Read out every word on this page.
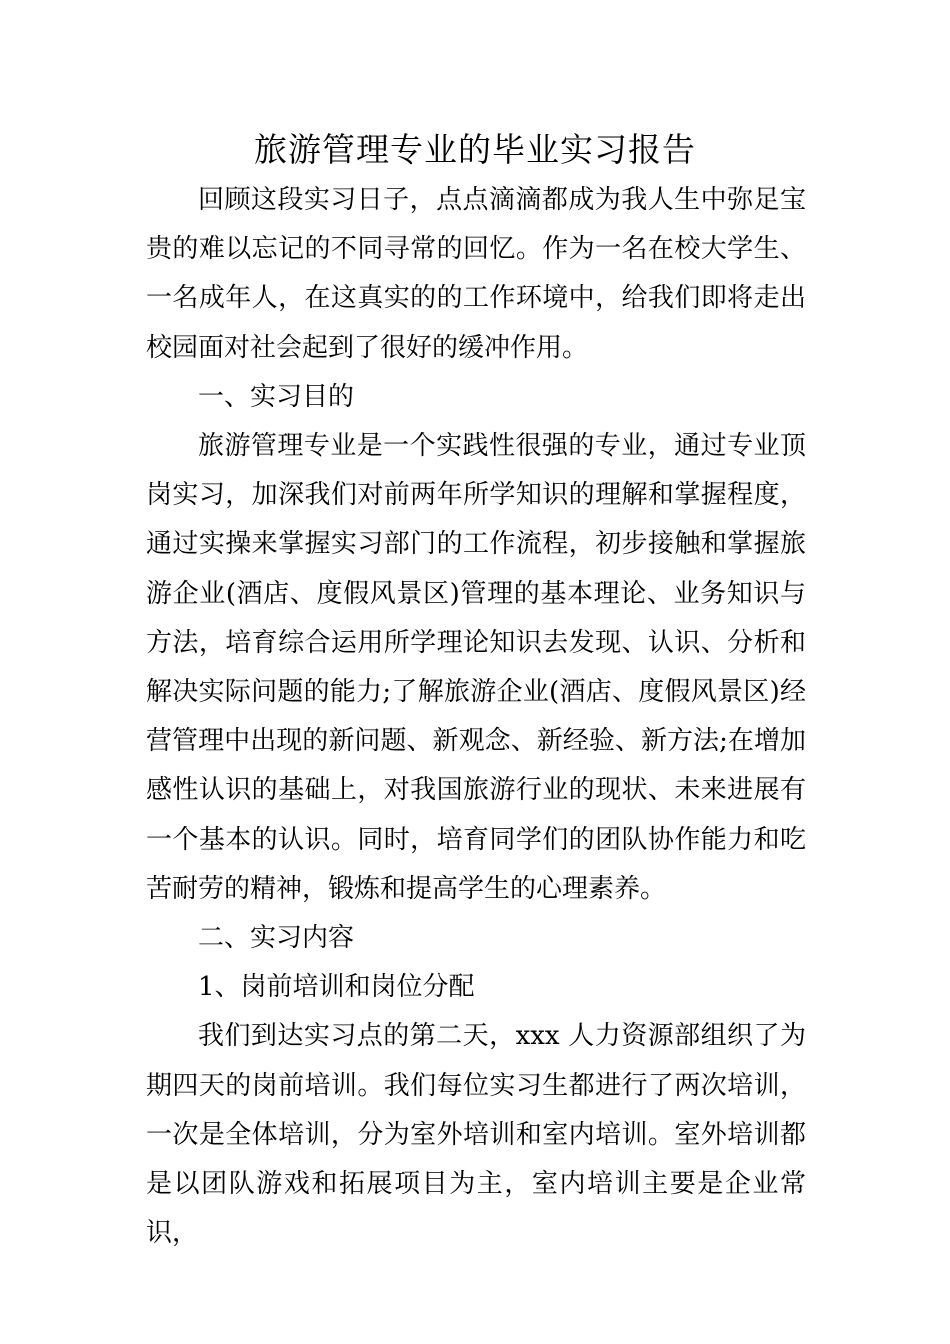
旅游管理专业的毕业实习报告

回顾这段实习日子，点点滴滴都成为我人生中弥足宝贵的难以忘记的不同寻常的回忆。作为一名在校大学生、一名成年人，在这真实的的工作环境中，给我们即将走出校园面对社会起到了很好的缓冲作用。

一、实习目的

旅游管理专业是一个实践性很强的专业，通过专业顶岗实习，加深我们对前两年所学知识的理解和掌握程度，通过实操来掌握实习部门的工作流程，初步接触和掌握旅游企业(酒店、度假风景区)管理的基本理论、业务知识与方法，培育综合运用所学理论知识去发现、认识、分析和解决实际问题的能力;了解旅游企业(酒店、度假风景区)经营管理中出现的新问题、新观念、新经验、新方法;在增加感性认识的基础上，对我国旅游行业的现状、未来进展有一个基本的认识。同时，培育同学们的团队协作能力和吃苦耐劳的精神，锻炼和提高学生的心理素养。

二、实习内容

1、岗前培训和岗位分配

我们到达实习点的第二天，xxx 人力资源部组织了为期四天的岗前培训。我们每位实习生都进行了两次培训，一次是全体培训，分为室外培训和室内培训。室外培训都是以团队游戏和拓展项目为主，室内培训主要是企业常识，
